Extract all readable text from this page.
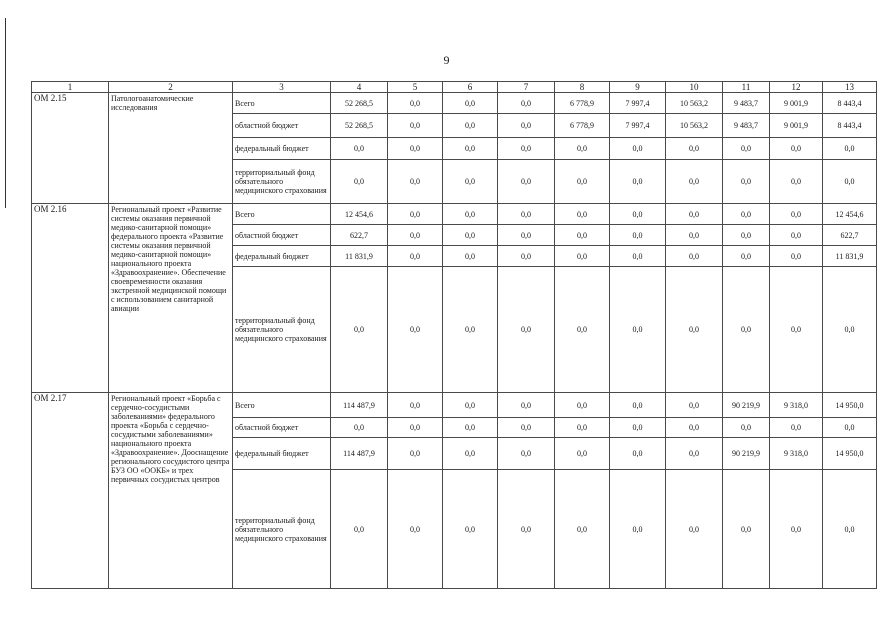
9
1	2	3	4	5	6	7	8	9	10	11	12	13
ОМ 2.15	Патологоанатомические исследования	Всего	52 268,5	0,0	0,0	0,0	6 778,9	7 997,4	10 563,2	9 483,7	9 001,9	8 443,4
		областной бюджет	52 268,5	0,0	0,0	0,0	6 778,9	7 997,4	10 563,2	9 483,7	9 001,9	8 443,4
		федеральный бюджет	0,0	0,0	0,0	0,0	0,0	0,0	0,0	0,0	0,0	0,0
		территориальный фонд обязательного медицинского страхования	0,0	0,0	0,0	0,0	0,0	0,0	0,0	0,0	0,0	0,0
ОМ 2.16	Региональный проект «Развитие системы оказания первичной медико-санитарной помощи» федерального проекта «Развитие системы оказания первичной медико-санитарной помощи» национального проекта «Здравоохранение». Обеспечение своевременности оказания экстренной медицинской помощи с использованием санитарной авиации	Всего	12 454,6	0,0	0,0	0,0	0,0	0,0	0,0	0,0	0,0	12 454,6
		областной бюджет	622,7	0,0	0,0	0,0	0,0	0,0	0,0	0,0	0,0	622,7
		федеральный бюджет	11 831,9	0,0	0,0	0,0	0,0	0,0	0,0	0,0	0,0	11 831,9
		территориальный фонд обязательного медицинского страхования	0,0	0,0	0,0	0,0	0,0	0,0	0,0	0,0	0,0	0,0
ОМ 2.17	Региональный проект «Борьба с сердечно-сосудистыми заболеваниями» федерального проекта «Борьба с сердечно-сосудистыми заболеваниями» национального проекта «Здравоохранение». Дооснащение регионального сосудистого центра БУЗ ОО «ООКБ» и трех первичных сосудистых центров	Всего	114 487,9	0,0	0,0	0,0	0,0	0,0	0,0	90 219,9	9 318,0	14 950,0
		областной бюджет	0,0	0,0	0,0	0,0	0,0	0,0	0,0	0,0	0,0	0,0
		федеральный бюджет	114 487,9	0,0	0,0	0,0	0,0	0,0	0,0	90 219,9	9 318,0	14 950,0
		территориальный фонд обязательного медицинского страхования	0,0	0,0	0,0	0,0	0,0	0,0	0,0	0,0	0,0	0,0
